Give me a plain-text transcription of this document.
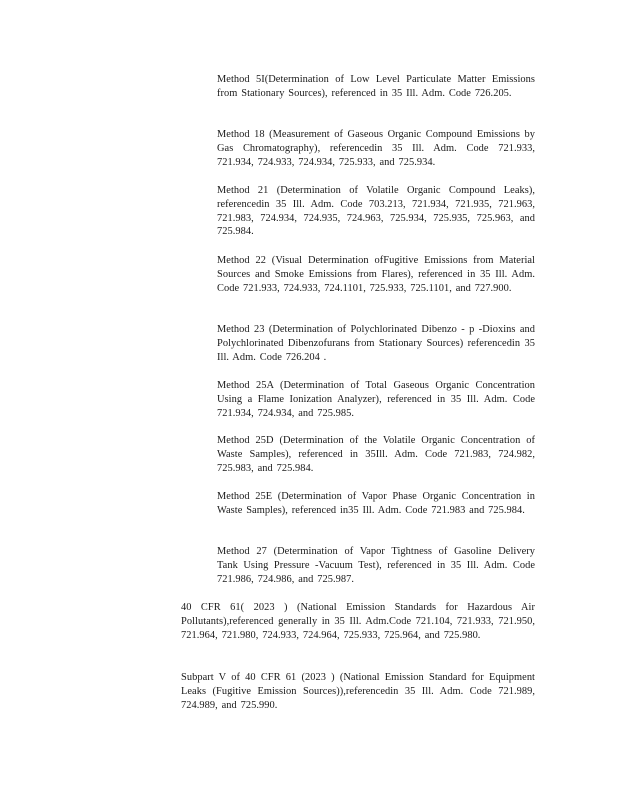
Method 5I(Determination of Low Level Particulate Matter Emissions from Stationary Sources), referenced in 35 Ill. Adm. Code 726.205.

Method 18 (Measurement of Gaseous Organic Compound Emissions by Gas Chromatography), referencedin 35 Ill. Adm. Code 721.933, 721.934, 724.933, 724.934, 725.933, and 725.934.

Method 21 (Determination of Volatile Organic Compound Leaks), referencedin 35 Ill. Adm. Code 703.213, 721.934, 721.935, 721.963, 721.983, 724.934, 724.935, 724.963, 725.934, 725.935, 725.963, and 725.984.

Method 22 (Visual Determination ofFugitive Emissions from Material Sources and Smoke Emissions from Flares), referenced in 35 Ill. Adm. Code 721.933, 724.933, 724.1101, 725.933, 725.1101, and 727.900.

Method 23 (Determination of Polychlorinated Dibenzo - p -Dioxins and Polychlorinated Dibenzofurans from Stationary Sources) referencedin 35 Ill. Adm. Code 726.204 .

Method 25A (Determination of Total Gaseous Organic Concentration Using a Flame Ionization Analyzer), referenced in 35 Ill. Adm. Code 721.934, 724.934, and 725.985.

Method 25D (Determination of the Volatile Organic Concentration of Waste Samples), referenced in 35Ill. Adm. Code 721.983, 724.982, 725.983, and 725.984.

Method 25E (Determination of Vapor Phase Organic Concentration in Waste Samples), referenced in35 Ill. Adm. Code 721.983 and 725.984.

Method 27 (Determination of Vapor Tightness of Gasoline Delivery Tank Using Pressure -Vacuum Test), referenced in 35 Ill. Adm. Code 721.986, 724.986, and 725.987.

40 CFR 61( 2023 ) (National Emission Standards for Hazardous Air Pollutants),referenced generally in 35 Ill. Adm.Code 721.104, 721.933, 721.950, 721.964, 721.980, 724.933, 724.964, 725.933, 725.964, and 725.980.

Subpart V of 40 CFR 61 (2023 ) (National Emission Standard for Equipment Leaks (Fugitive Emission Sources)),referencedin 35 Ill. Adm. Code 721.989, 724.989, and 725.990.
